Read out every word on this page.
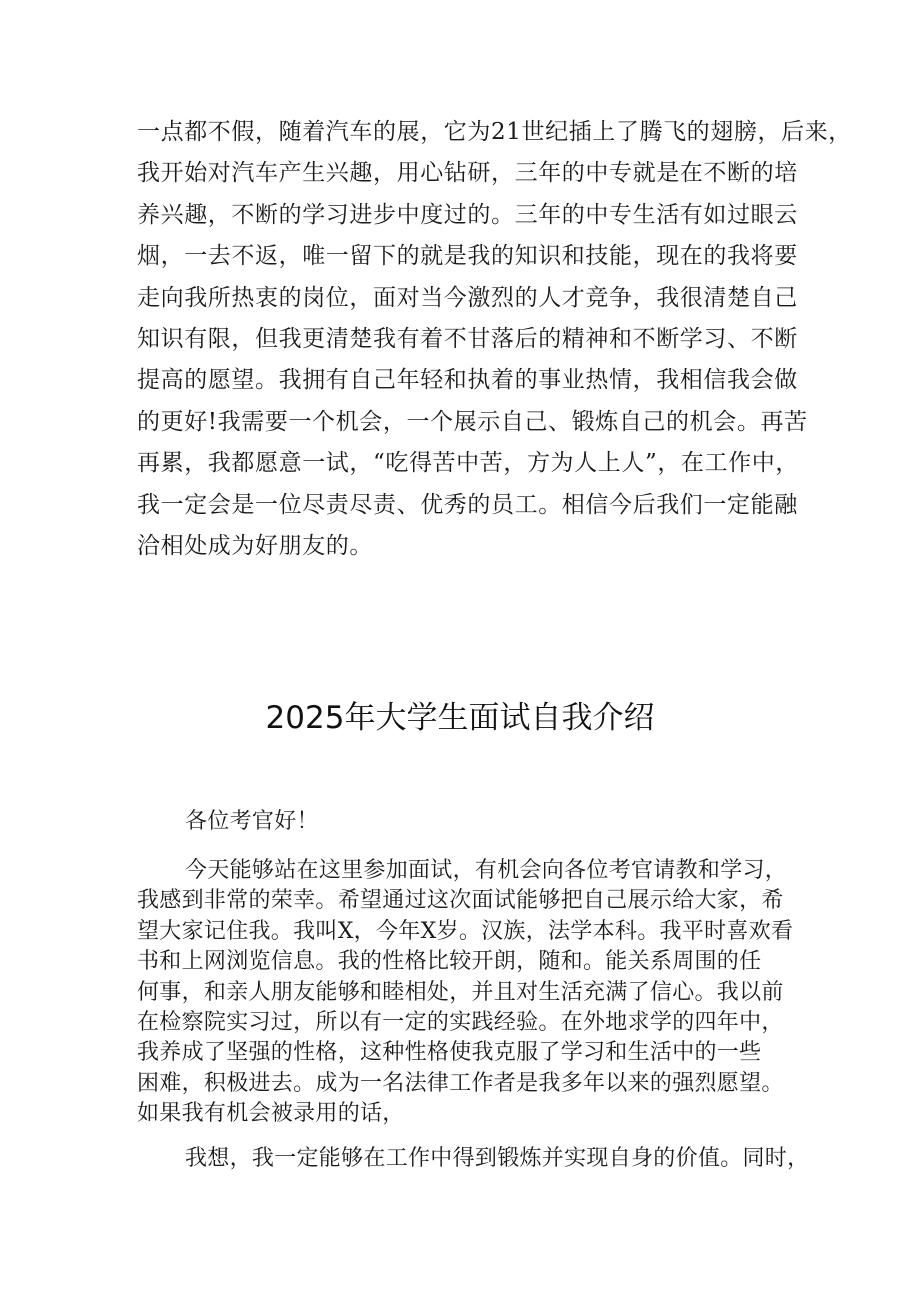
一点都不假，随着汽车的展，它为21世纪插上了腾飞的翅膀，后来，
我开始对汽车产生兴趣，用心钻研，三年的中专就是在不断的培
养兴趣，不断的学习进步中度过的。三年的中专生活有如过眼云
烟，一去不返，唯一留下的就是我的知识和技能，现在的我将要
走向我所热衷的岗位，面对当今激烈的人才竞争，我很清楚自己
知识有限，但我更清楚我有着不甘落后的精神和不断学习、不断
提高的愿望。我拥有自己年轻和执着的事业热情，我相信我会做
的更好!我需要一个机会，一个展示自己、锻炼自己的机会。再苦
再累，我都愿意一试，“吃得苦中苦，方为人上人”，在工作中，
我一定会是一位尽责尽责、优秀的员工。相信今后我们一定能融
洽相处成为好朋友的。
2025年大学生面试自我介绍
各位考官好！
今天能够站在这里参加面试，有机会向各位考官请教和学习，
我感到非常的荣幸。希望通过这次面试能够把自己展示给大家，希
望大家记住我。我叫X，今年X岁。汉族，法学本科。我平时喜欢看
书和上网浏览信息。我的性格比较开朗，随和。能关系周围的任
何事，和亲人朋友能够和睦相处，并且对生活充满了信心。我以前
在检察院实习过，所以有一定的实践经验。在外地求学的四年中，
我养成了坚强的性格，这种性格使我克服了学习和生活中的一些
困难，积极进去。成为一名法律工作者是我多年以来的强烈愿望。
如果我有机会被录用的话，
我想，我一定能够在工作中得到锻炼并实现自身的价值。同时，
